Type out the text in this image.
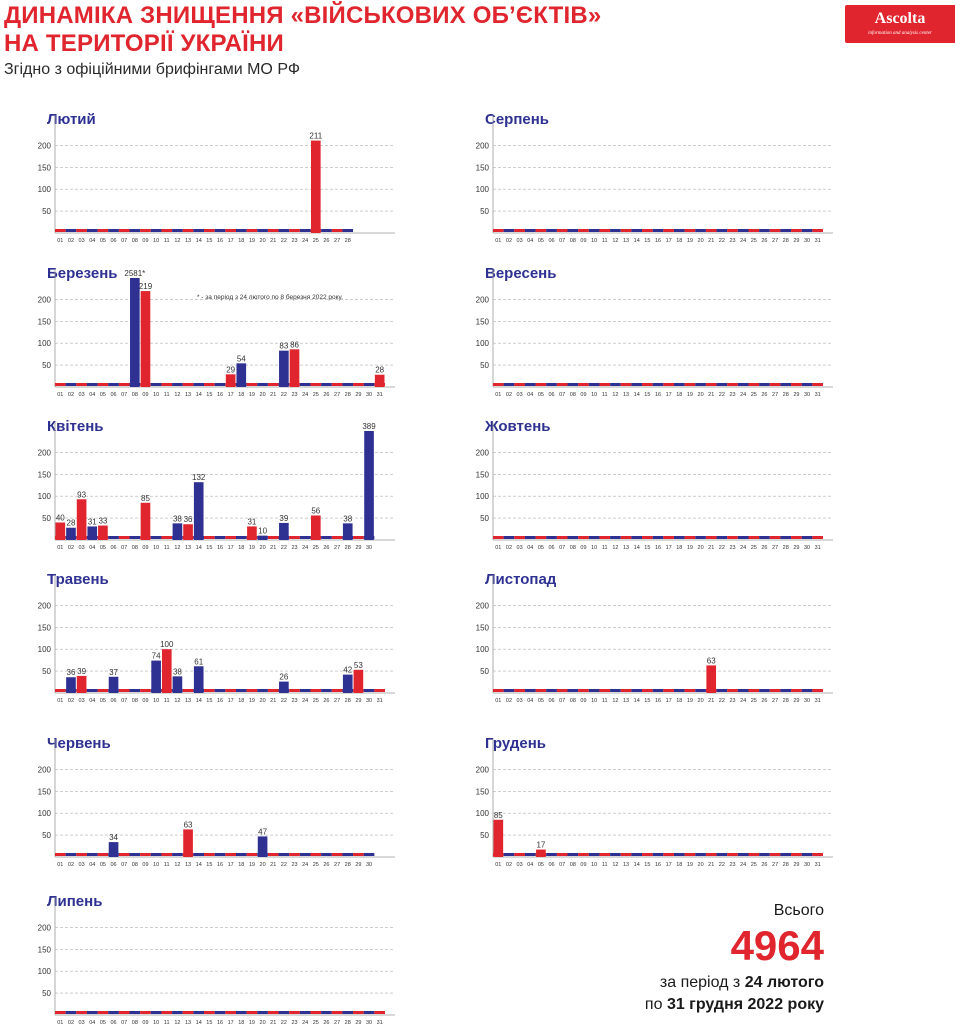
ДИНАМІКА ЗНИЩЕННЯ «ВІЙСЬКОВИХ ОБ’ЄКТІВ»
НА ТЕРИТОРІЇ УКРАЇНИ

Згідно з офіційними брифінгами МО РФ

Ascolta
information and analysis center
Лютий
50
100
150
200
01 02 03 04 05 06 07 08 09 10 11 12 13 14 15 16 17 18 19 20 21 22 23 24
211
25 26 27 28
Березень
50
100
150
200
01 02 03 04 05 06 07
2581*
08
219
09 10 11 12 13 14 15 16
29
17
54
18 19 20 21
83
22
86
23 24 25 26 27 28 29 30
28
31
* - за період з 24 лютого по 8 березня 2022 року.
Квітень
50
100
150
200
40
01
28
02
93
03
31
04
33
05 06 07 08
85
09 10 11
38
12
36
13
132
14 15 16 17 18
31
19
10
20 21
39
22 23 24
56
25 26 27
38
28 29
389
30
Травень
50
100
150
200
01
36
02
39
03 04 05
37
06 07 08 09
74
10
100
11
38
12 13
61
14 15 16 17 18 19 20 21
26
22 23 24 25 26 27
42
28
53
29 30 31
Червень
50
100
150
200
01 02 03 04 05
34
06 07 08 09 10 11 12
63
13 14 15 16 17 18 19
47
20 21 22 23 24 25 26 27 28 29 30
Липень
50
100
150
200
01 02 03 04 05 06 07 08 09 10 11 12 13 14 15 16 17 18 19 20 21 22 23 24 25 26 27 28 29 30 31
Серпень
50
100
150
200
01 02 03 04 05 06 07 08 09 10 11 12 13 14 15 16 17 18 19 20 21 22 23 24 25 26 27 28 29 30 31
Вересень
50
100
150
200
01 02 03 04 05 06 07 08 09 10 11 12 13 14 15 16 17 18 19 20 21 22 23 24 25 26 27 28 29 30 31
Жовтень
50
100
150
200
01 02 03 04 05 06 07 08 09 10 11 12 13 14 15 16 17 18 19 20 21 22 23 24 25 26 27 28 29 30 31
Листопад
50
100
150
200
01 02 03 04 05 06 07 08 09 10 11 12 13 14 15 16 17 18 19 20
63
21 22 23 24 25 26 27 28 29 30 31
Грудень
50
100
150
200
85
01 02 03 04
17
05 06 07 08 09 10 11 12 13 14 15 16 17 18 19 20 21 22 23 24 25 26 27 28 29 30 31
Всього
4964
за період з 24 лютого
по 31 грудня 2022 року
